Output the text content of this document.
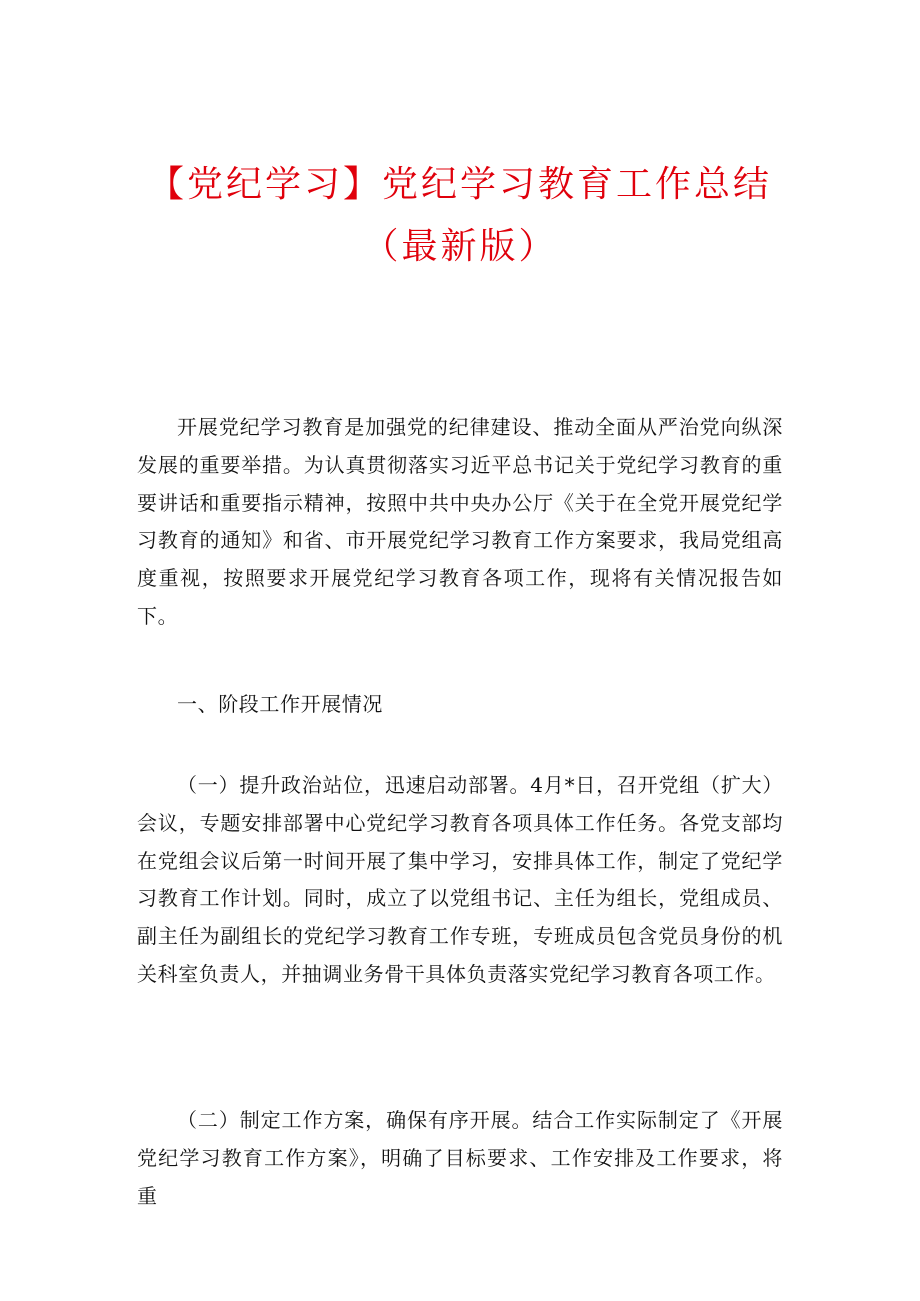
【党纪学习】党纪学习教育工作总结
（最新版）

开展党纪学习教育是加强党的纪律建设、推动全面从严治党向纵深发展的重要举措。为认真贯彻落实习近平总书记关于党纪学习教育的重要讲话和重要指示精神，按照中共中央办公厅《关于在全党开展党纪学习教育的通知》和省、市开展党纪学习教育工作方案要求，我局党组高度重视，按照要求开展党纪学习教育各项工作，现将有关情况报告如下。

一、阶段工作开展情况

（一）提升政治站位，迅速启动部署。4月*日，召开党组（扩大）会议，专题安排部署中心党纪学习教育各项具体工作任务。各党支部均在党组会议后第一时间开展了集中学习，安排具体工作，制定了党纪学习教育工作计划。同时，成立了以党组书记、主任为组长，党组成员、副主任为副组长的党纪学习教育工作专班，专班成员包含党员身份的机关科室负责人，并抽调业务骨干具体负责落实党纪学习教育各项工作。

（二）制定工作方案，确保有序开展。结合工作实际制定了《开展党纪学习教育工作方案》，明确了目标要求、工作安排及工作要求，将重
